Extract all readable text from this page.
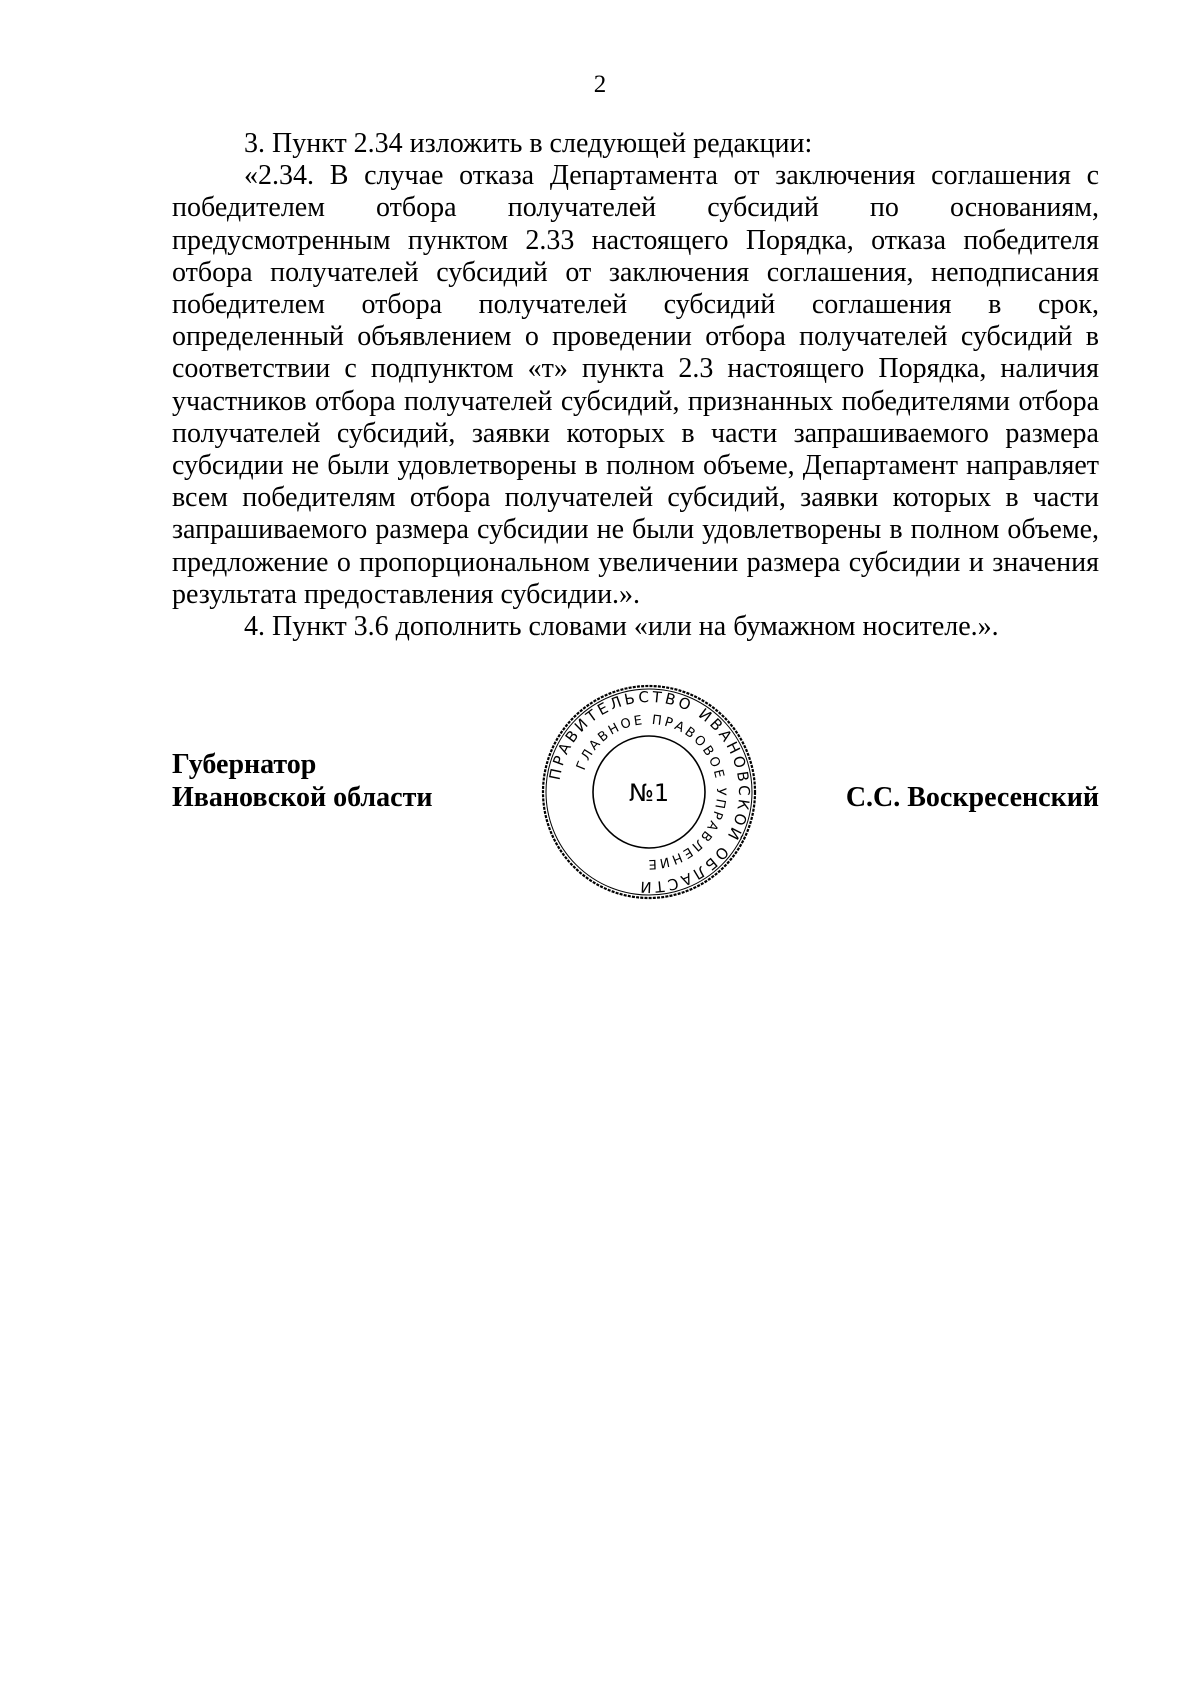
2

3. Пункт 2.34 изложить в следующей редакции:

«2.34. В случае отказа Департамента от заключения соглашения с победителем отбора получателей субсидий по основаниям, предусмотренным пунктом 2.33 настоящего Порядка, отказа победителя отбора получателей субсидий от заключения соглашения, неподписания победителем отбора получателей субсидий соглашения в срок, определенный объявлением о проведении отбора получателей субсидий в соответствии с подпунктом «т» пункта 2.3 настоящего Порядка, наличия участников отбора получателей субсидий, признанных победителями отбора получателей субсидий, заявки которых в части запрашиваемого размера субсидии не были удовлетворены в полном объеме, Департамент направляет всем победителям отбора получателей субсидий, заявки которых в части запрашиваемого размера субсидии не были удовлетворены в полном объеме, предложение о пропорциональном увеличении размера субсидии и значения результата предоставления субсидии.».

4. Пункт 3.6 дополнить словами «или на бумажном носителе.».

Губернатор
Ивановской области	С.С. Воскресенский
ПРАВИТЕЛЬСТВО ИВАНОВСКОЙ ОБЛАСТИ
ГЛАВНОЕ ПРАВОВОЕ УПРАВЛЕНИЕ
№1
